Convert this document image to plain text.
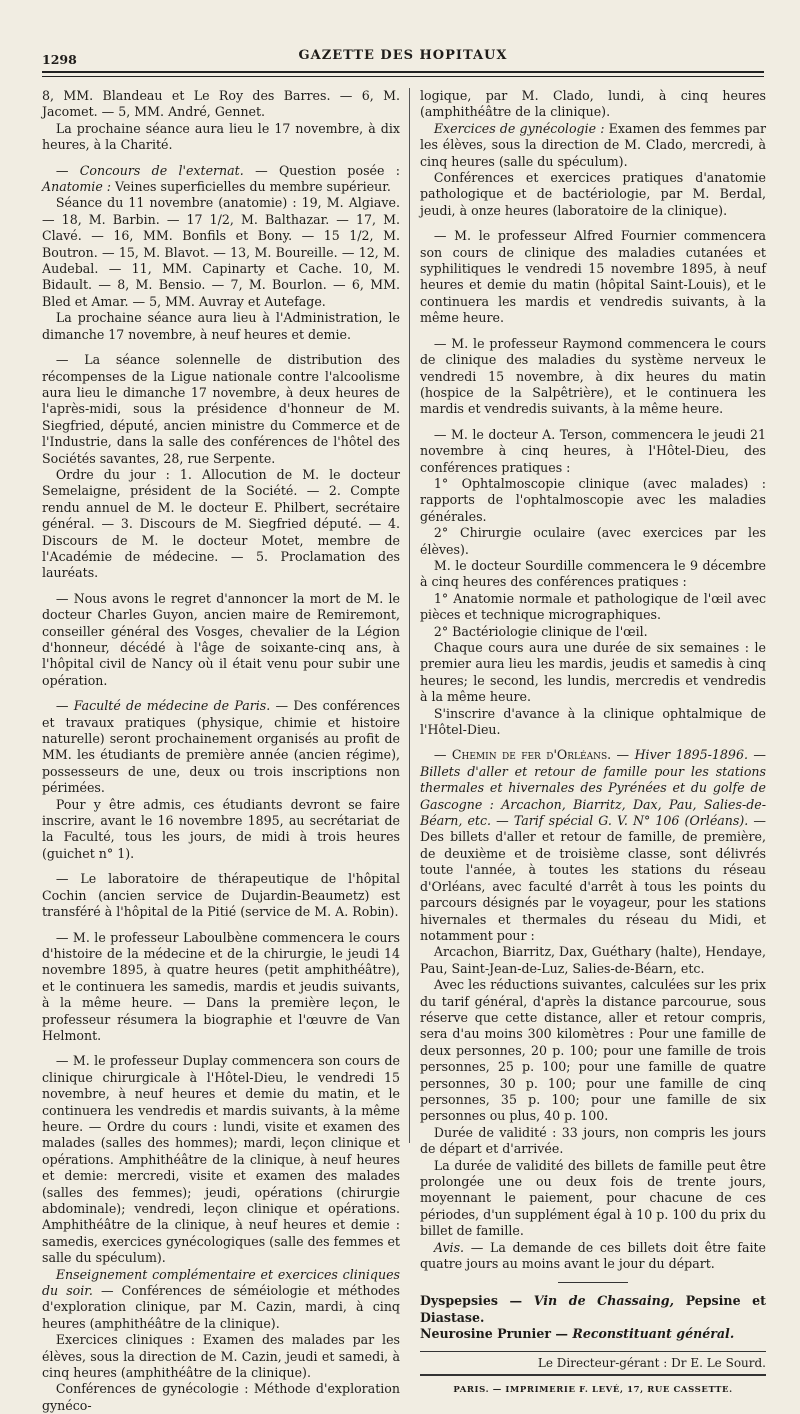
1298	GAZETTE DES HOPITAUX

8, MM. Blandeau et Le Roy des Barres. — 6, M. Jacomet. — 5, MM. André, Gennet.

La prochaine séance aura lieu le 17 novembre, à dix heures, à la Charité.

— Concours de l'externat. — Question posée : Anatomie : Veines superficielles du membre supérieur.

Séance du 11 novembre (anatomie) : 19, M. Algiave. — 18, M. Barbin. — 17 1/2, M. Balthazar. — 17, M. Clavé. — 16, MM. Bonfils et Bony. — 15 1/2, M. Boutron. — 15, M. Blavot. — 13, M. Boureille. — 12, M. Audebal. — 11, MM. Capinarty et Cache. 10, M. Bidault. — 8, M. Bensio. — 7, M. Bourlon. — 6, MM. Bled et Amar. — 5, MM. Auvray et Autefage.

La prochaine séance aura lieu à l'Administration, le dimanche 17 novembre, à neuf heures et demie.

— La séance solennelle de distribution des récompenses de la Ligue nationale contre l'alcoolisme aura lieu le dimanche 17 novembre, à deux heures de l'après-midi, sous la présidence d'honneur de M. Siegfried, député, ancien ministre du Commerce et de l'Industrie, dans la salle des conférences de l'hôtel des Sociétés savantes, 28, rue Serpente.

Ordre du jour : 1. Allocution de M. le docteur Semelaigne, président de la Société. — 2. Compte rendu annuel de M. le docteur E. Philbert, secrétaire général. — 3. Discours de M. Siegfried député. — 4. Discours de M. le docteur Motet, membre de l'Académie de médecine. — 5. Proclamation des lauréats.

— Nous avons le regret d'annoncer la mort de M. le docteur Charles Guyon, ancien maire de Remiremont, conseiller général des Vosges, chevalier de la Légion d'honneur, décédé à l'âge de soixante-cinq ans, à l'hôpital civil de Nancy où il était venu pour subir une opération.

— Faculté de médecine de Paris. — Des conférences et travaux pratiques (physique, chimie et histoire naturelle) seront prochainement organisés au profit de MM. les étudiants de première année (ancien régime), possesseurs de une, deux ou trois inscriptions non périmées.

Pour y être admis, ces étudiants devront se faire inscrire, avant le 16 novembre 1895, au secrétariat de la Faculté, tous les jours, de midi à trois heures (guichet n° 1).

— Le laboratoire de thérapeutique de l'hôpital Cochin (ancien service de Dujardin-Beaumetz) est transféré à l'hôpital de la Pitié (service de M. A. Robin).

— M. le professeur Laboulbène commencera le cours d'histoire de la médecine et de la chirurgie, le jeudi 14 novembre 1895, à quatre heures (petit amphithéâtre), et le continuera les samedis, mardis et jeudis suivants, à la même heure. — Dans la première leçon, le professeur résumera la biographie et l'œuvre de Van Helmont.

— M. le professeur Duplay commencera son cours de clinique chirurgicale à l'Hôtel-Dieu, le vendredi 15 novembre, à neuf heures et demie du matin, et le continuera les vendredis et mardis suivants, à la même heure. — Ordre du cours : lundi, visite et examen des malades (salles des hommes); mardi, leçon clinique et opérations. Amphithéâtre de la clinique, à neuf heures et demie: mercredi, visite et examen des malades (salles des femmes); jeudi, opérations (chirurgie abdominale); vendredi, leçon clinique et opérations. Amphithéâtre de la clinique, à neuf heures et demie : samedis, exercices gynécologiques (salle des femmes et salle du spéculum).

Enseignement complémentaire et exercices cliniques du soir. — Conférences de séméiologie et méthodes d'exploration clinique, par M. Cazin, mardi, à cinq heures (amphithéâtre de la clinique).

Exercices cliniques : Examen des malades par les élèves, sous la direction de M. Cazin, jeudi et samedi, à cinq heures (amphithéâtre de la clinique).

Conférences de gynécologie : Méthode d'exploration gynéco-

logique, par M. Clado, lundi, à cinq heures (amphithéâtre de la clinique).

Exercices de gynécologie : Examen des femmes par les élèves, sous la direction de M. Clado, mercredi, à cinq heures (salle du spéculum).

Conférences et exercices pratiques d'anatomie pathologique et de bactériologie, par M. Berdal, jeudi, à onze heures (laboratoire de la clinique).

— M. le professeur Alfred Fournier commencera son cours de clinique des maladies cutanées et syphilitiques le vendredi 15 novembre 1895, à neuf heures et demie du matin (hôpital Saint-Louis), et le continuera les mardis et vendredis suivants, à la même heure.

— M. le professeur Raymond commencera le cours de clinique des maladies du système nerveux le vendredi 15 novembre, à dix heures du matin (hospice de la Salpêtrière), et le continuera les mardis et vendredis suivants, à la même heure.

— M. le docteur A. Terson, commencera le jeudi 21 novembre à cinq heures, à l'Hôtel-Dieu, des conférences pratiques :

1° Ophtalmoscopie clinique (avec malades) : rapports de l'ophtalmoscopie avec les maladies générales.

2° Chirurgie oculaire (avec exercices par les élèves).

M. le docteur Sourdille commencera le 9 décembre à cinq heures des conférences pratiques :

1° Anatomie normale et pathologique de l'œil avec pièces et technique micrographiques.

2° Bactériologie clinique de l'œil.

Chaque cours aura une durée de six semaines : le premier aura lieu les mardis, jeudis et samedis à cinq heures; le second, les lundis, mercredis et vendredis à la même heure.

S'inscrire d'avance à la clinique ophtalmique de l'Hôtel-Dieu.

— Chemin de fer d'Orléans. — Hiver 1895-1896. — Billets d'aller et retour de famille pour les stations thermales et hivernales des Pyrénées et du golfe de Gascogne : Arcachon, Biarritz, Dax, Pau, Salies-de-Béarn, etc. — Tarif spécial G. V. N° 106 (Orléans). — Des billets d'aller et retour de famille, de première, de deuxième et de troisième classe, sont délivrés toute l'année, à toutes les stations du réseau d'Orléans, avec faculté d'arrêt à tous les points du parcours désignés par le voyageur, pour les stations hivernales et thermales du réseau du Midi, et notamment pour :

Arcachon, Biarritz, Dax, Guéthary (halte), Hendaye, Pau, Saint-Jean-de-Luz, Salies-de-Béarn, etc.

Avec les réductions suivantes, calculées sur les prix du tarif général, d'après la distance parcourue, sous réserve que cette distance, aller et retour compris, sera d'au moins 300 kilomètres : Pour une famille de deux personnes, 20 p. 100; pour une famille de trois personnes, 25 p. 100; pour une famille de quatre personnes, 30 p. 100; pour une famille de cinq personnes, 35 p. 100; pour une famille de six personnes ou plus, 40 p. 100.

Durée de validité : 33 jours, non compris les jours de départ et d'arrivée.

La durée de validité des billets de famille peut être prolongée une ou deux fois de trente jours, moyennant le paiement, pour chacune de ces périodes, d'un supplément égal à 10 p. 100 du prix du billet de famille.

Avis. — La demande de ces billets doit être faite quatre jours au moins avant le jour du départ.

Dyspepsies — Vin de Chassaing, Pepsine et Diastase.

Neurosine Prunier — Reconstituant général.

Le Directeur-gérant : Dr E. Le Sourd.
PARIS. — IMPRIMERIE F. LEVÉ, 17, RUE CASSETTE.
